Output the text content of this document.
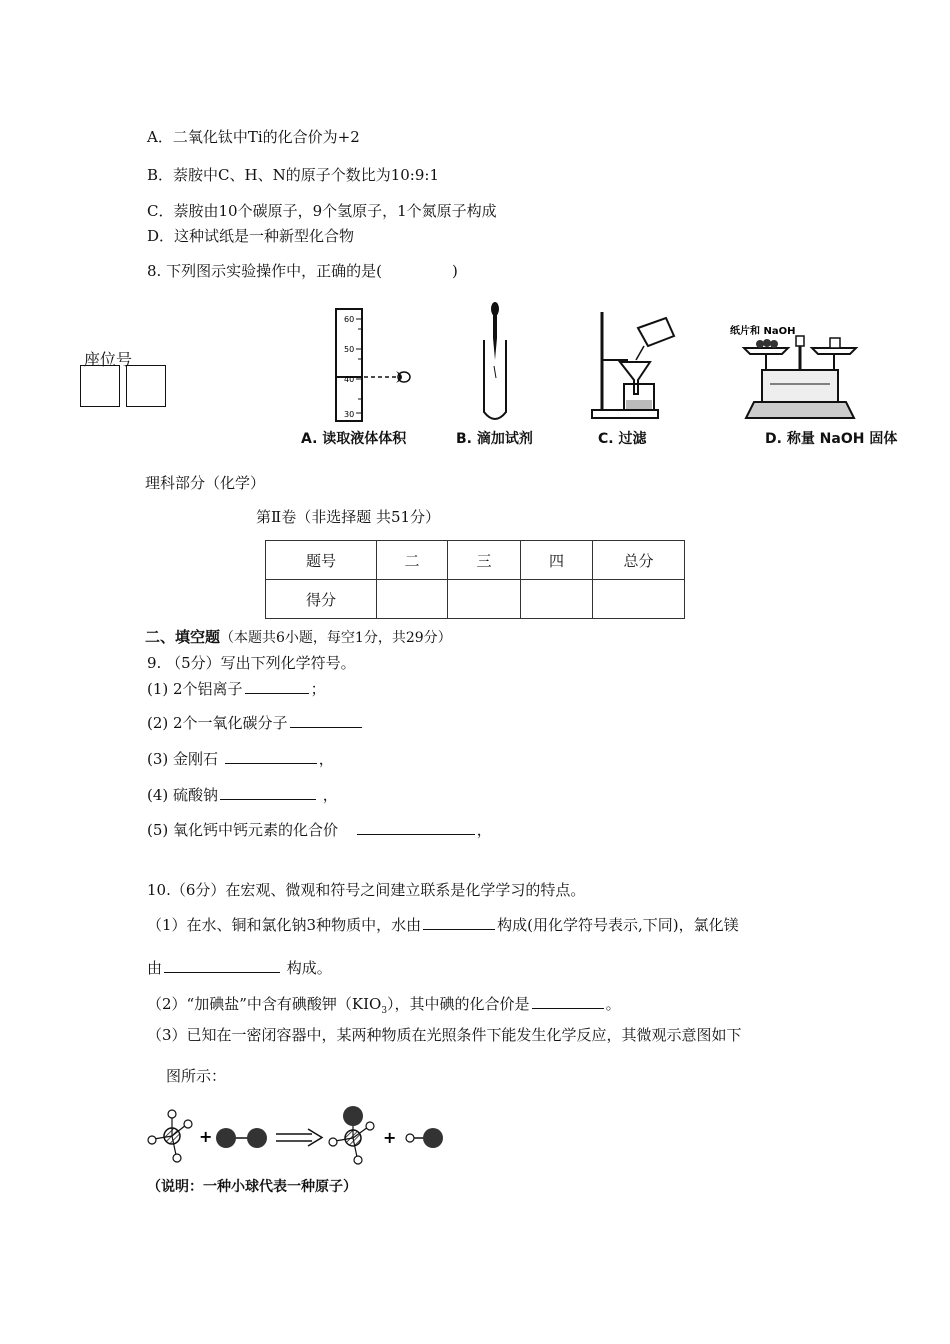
A．二氧化钛中Ti的化合价为+2
B．萘胺中C、H、N的原子个数比为10:9:1
C．萘胺由10个碳原子，9个氢原子，1个氮原子构成
D．这种试纸是一种新型化合物
8. 下列图示实验操作中，正确的是(	)
座位号
60
50
40
30
A. 读取液体体积	B. 滴加试剂	C. 过滤
纸片和 NaOH
D. 称量 NaOH 固体
理科部分（化学）
第Ⅱ卷（非选择题 共51分）
题号	二	三	四	总分
得分				
二、填空题（本题共6小题，每空1分，共29分）
9. （5分）写出下列化学符号。
(1) 2个铝离子	；
(2) 2个一氧化碳分子
(3) 金刚石	，
(4) 硫酸钠	，
(5) 氧化钙中钙元素的化合价	，
10.（6分）在宏观、微观和符号之间建立联系是化学学习的特点。
（1）在水、铜和氯化钠3种物质中，水由	构成(用化学符号表示,下同)，氯化镁
由	构成。
（2）“加碘盐”中含有碘酸钾$(KIO_3)$，其中碘的化合价是	。
（3）已知在一密闭容器中，某两种物质在光照条件下能发生化学反应，其微观示意图如下
图所示：
+	+
（说明：一种小球代表一种原子）
